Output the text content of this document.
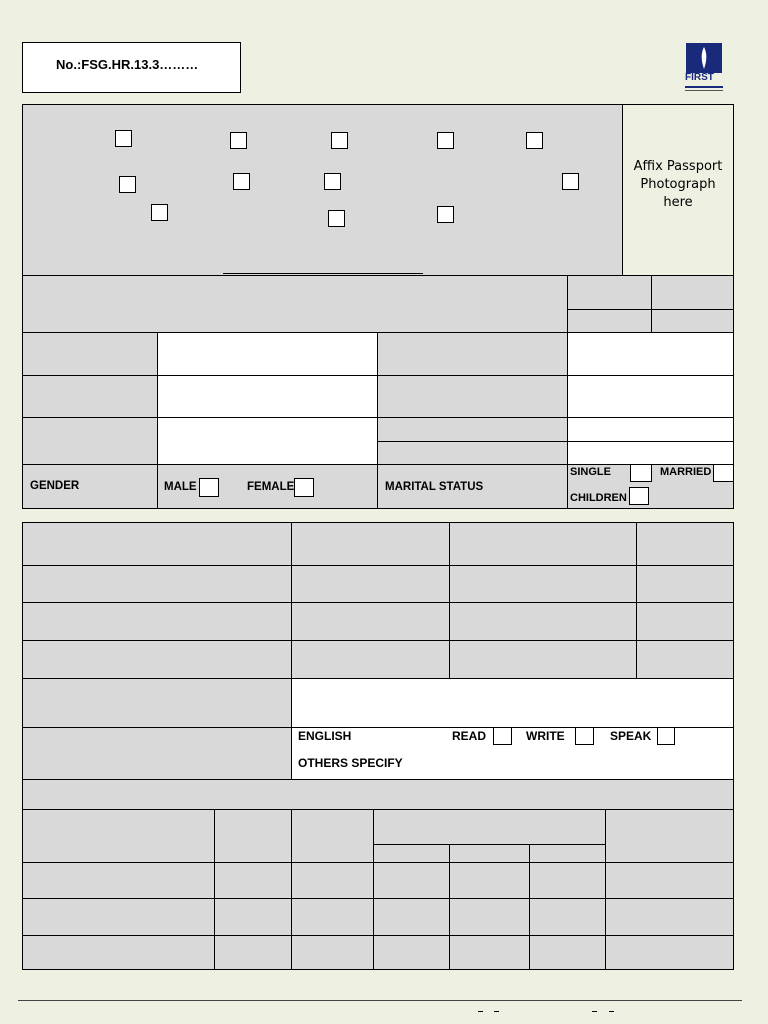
No.:FSG.HR.13.3………
FIRST
Affix Passport
Photograph
here
GENDER	MALE	FEMALE	MARITAL STATUS
SINGLE	MARRIED
CHILDREN
ENGLISH	READ	WRITE	SPEAK
OTHERS SPECIFY
